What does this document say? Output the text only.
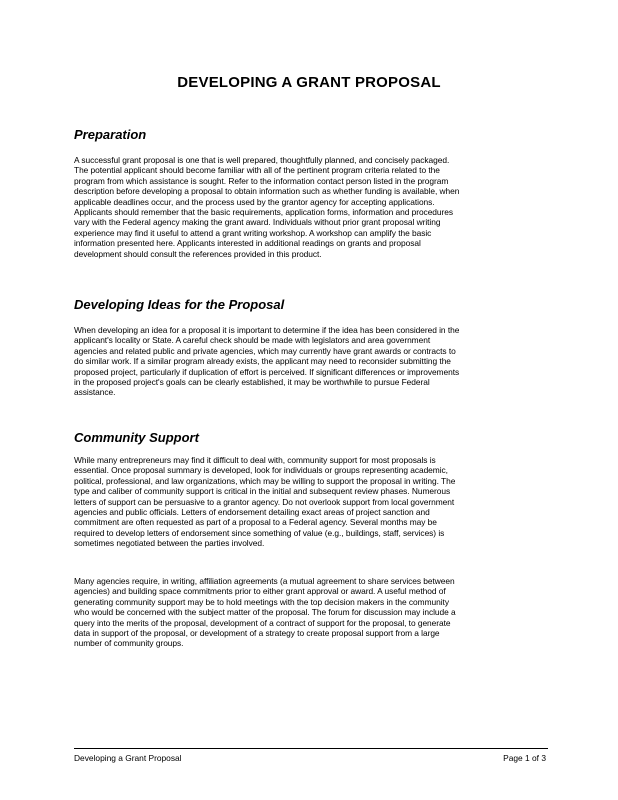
DEVELOPING A GRANT PROPOSAL
Preparation

A successful grant proposal is one that is well prepared, thoughtfully planned, and concisely packaged.
The potential applicant should become familiar with all of the pertinent program criteria related to the
program from which assistance is sought. Refer to the information contact person listed in the program
description before developing a proposal to obtain information such as whether funding is available, when
applicable deadlines occur, and the process used by the grantor agency for accepting applications.
Applicants should remember that the basic requirements, application forms, information and procedures
vary with the Federal agency making the grant award. Individuals without prior grant proposal writing
experience may find it useful to attend a grant writing workshop. A workshop can amplify the basic
information presented here. Applicants interested in additional readings on grants and proposal
development should consult the references provided in this product.

Developing Ideas for the Proposal

When developing an idea for a proposal it is important to determine if the idea has been considered in the
applicant's locality or State. A careful check should be made with legislators and area government
agencies and related public and private agencies, which may currently have grant awards or contracts to
do similar work. If a similar program already exists, the applicant may need to reconsider submitting the
proposed project, particularly if duplication of effort is perceived. If significant differences or improvements
in the proposed project's goals can be clearly established, it may be worthwhile to pursue Federal
assistance.

Community Support

While many entrepreneurs may find it difficult to deal with, community support for most proposals is
essential. Once proposal summary is developed, look for individuals or groups representing academic,
political, professional, and law organizations, which may be willing to support the proposal in writing. The
type and caliber of community support is critical in the initial and subsequent review phases. Numerous
letters of support can be persuasive to a grantor agency. Do not overlook support from local government
agencies and public officials. Letters of endorsement detailing exact areas of project sanction and
commitment are often requested as part of a proposal to a Federal agency. Several months may be
required to develop letters of endorsement since something of value (e.g., buildings, staff, services) is
sometimes negotiated between the parties involved.

Many agencies require, in writing, affiliation agreements (a mutual agreement to share services between
agencies) and building space commitments prior to either grant approval or award. A useful method of
generating community support may be to hold meetings with the top decision makers in the community
who would be concerned with the subject matter of the proposal. The forum for discussion may include a
query into the merits of the proposal, development of a contract of support for the proposal, to generate
data in support of the proposal, or development of a strategy to create proposal support from a large
number of community groups.

Developing a Grant Proposal	Page 1 of 3
